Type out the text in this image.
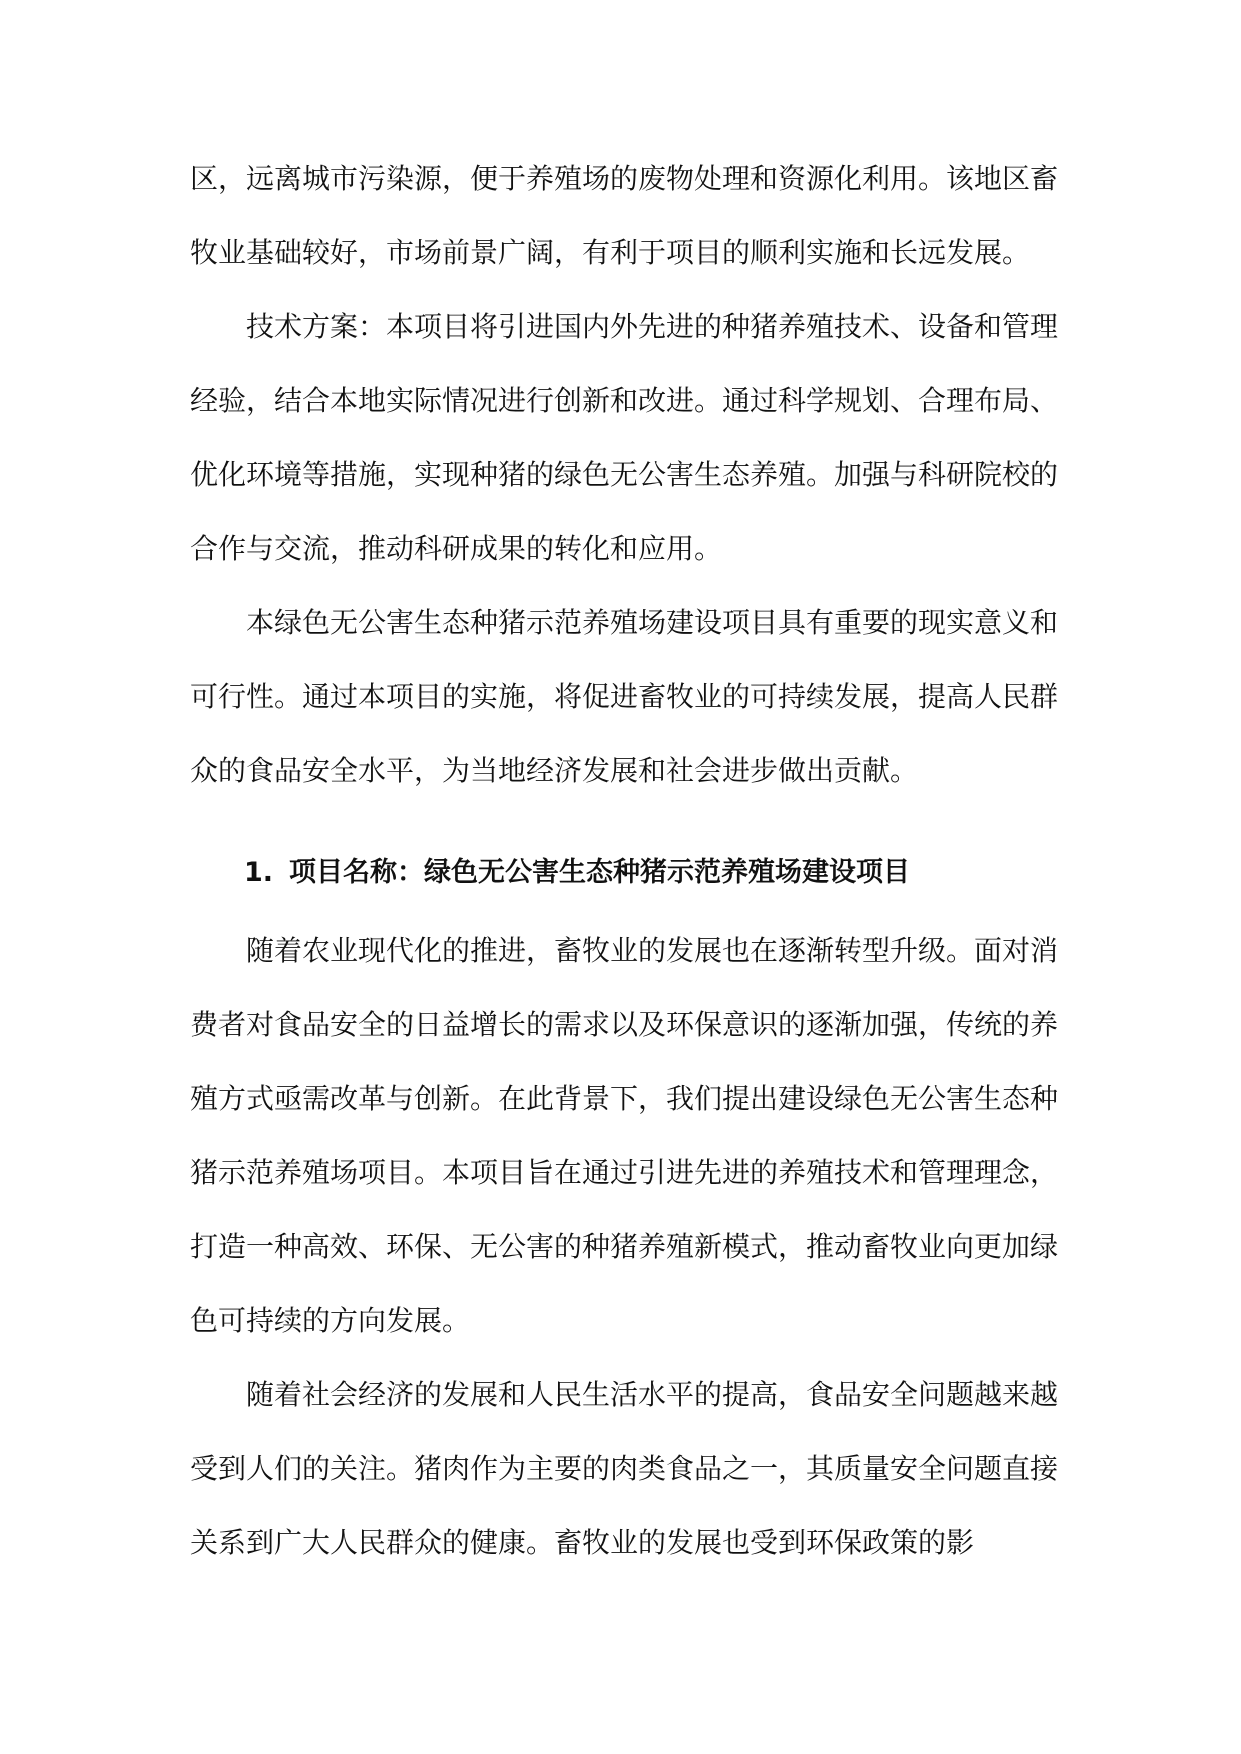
区，远离城市污染源，便于养殖场的废物处理和资源化利用。该地区畜牧业基础较好，市场前景广阔，有利于项目的顺利实施和长远发展。

技术方案：本项目将引进国内外先进的种猪养殖技术、设备和管理经验，结合本地实际情况进行创新和改进。通过科学规划、合理布局、优化环境等措施，实现种猪的绿色无公害生态养殖。加强与科研院校的合作与交流，推动科研成果的转化和应用。

本绿色无公害生态种猪示范养殖场建设项目具有重要的现实意义和可行性。通过本项目的实施，将促进畜牧业的可持续发展，提高人民群众的食品安全水平，为当地经济发展和社会进步做出贡献。

1. 项目名称：绿色无公害生态种猪示范养殖场建设项目

随着农业现代化的推进，畜牧业的发展也在逐渐转型升级。面对消费者对食品安全的日益增长的需求以及环保意识的逐渐加强，传统的养殖方式亟需改革与创新。在此背景下，我们提出建设绿色无公害生态种猪示范养殖场项目。本项目旨在通过引进先进的养殖技术和管理理念，打造一种高效、环保、无公害的种猪养殖新模式，推动畜牧业向更加绿色可持续的方向发展。

随着社会经济的发展和人民生活水平的提高，食品安全问题越来越受到人们的关注。猪肉作为主要的肉类食品之一，其质量安全问题直接关系到广大人民群众的健康。畜牧业的发展也受到环保政策的影
